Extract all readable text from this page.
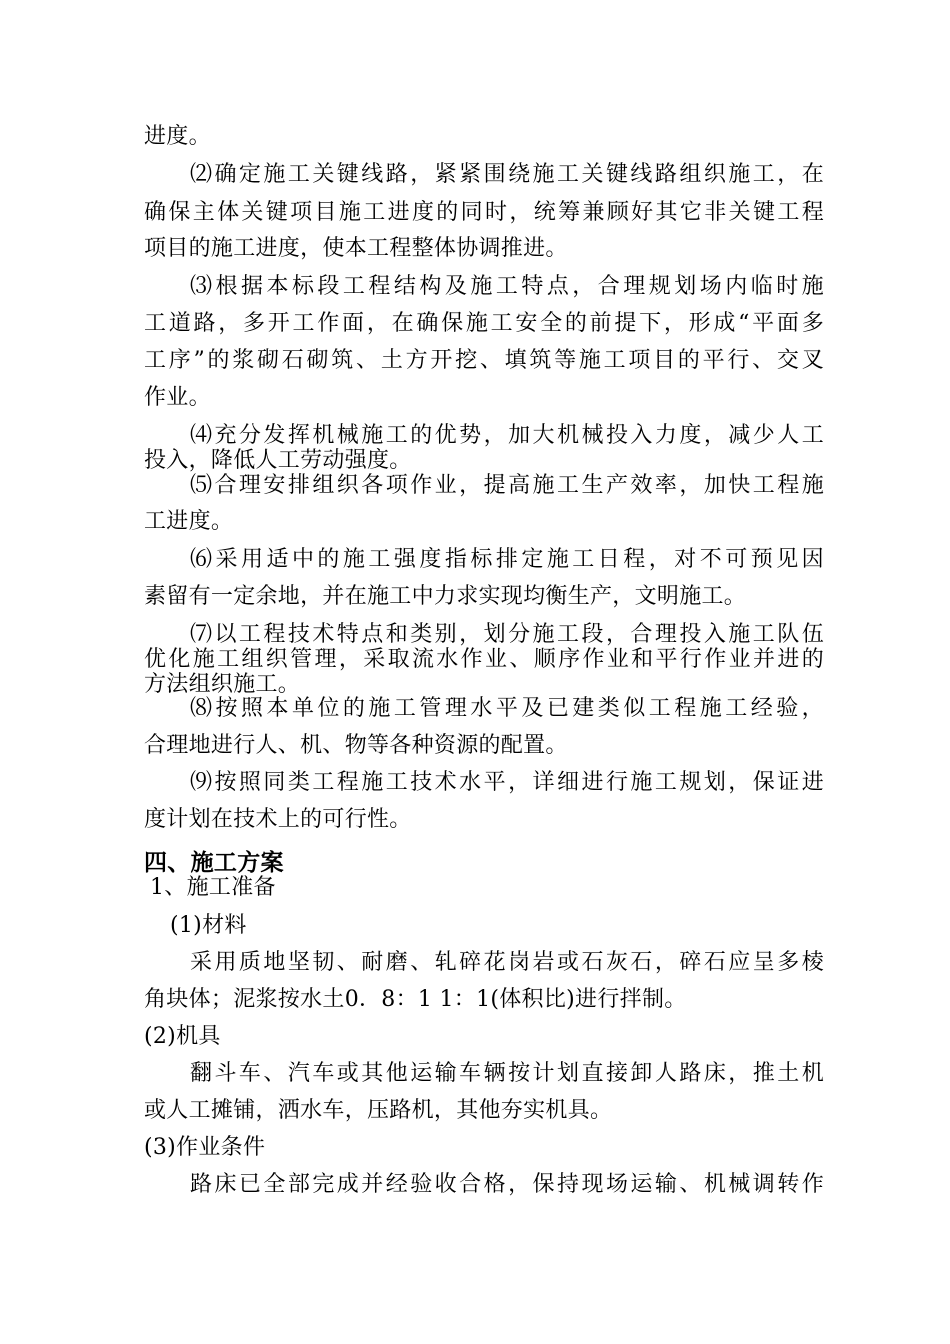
进度。
⑵确定施工关键线路，紧紧围绕施工关键线路组织施工，在
确保主体关键项目施工进度的同时，统筹兼顾好其它非关键工程
项目的施工进度，使本工程整体协调推进。
⑶根据本标段工程结构及施工特点，合理规划场内临时施
工道路，多开工作面，在确保施工安全的前提下，形成“平面多
工序”的浆砌石砌筑、土方开挖、填筑等施工项目的平行、交叉
作业。
⑷充分发挥机械施工的优势，加大机械投入力度，减少人工
投入，降低人工劳动强度。
⑸合理安排组织各项作业，提高施工生产效率，加快工程施
工进度。
⑹采用适中的施工强度指标排定施工日程，对不可预见因
素留有一定余地，并在施工中力求实现均衡生产，文明施工。
⑺以工程技术特点和类别，划分施工段，合理投入施工队伍
优化施工组织管理，采取流水作业、顺序作业和平行作业并进的
方法组织施工。
⑻按照本单位的施工管理水平及已建类似工程施工经验，
合理地进行人、机、物等各种资源的配置。
⑼按照同类工程施工技术水平，详细进行施工规划，保证进
度计划在技术上的可行性。
四、施工方案
1、施工准备
(1)材料
采用质地坚韧、耐磨、轧碎花岗岩或石灰石，碎石应呈多棱
角块体；泥浆按水土0．8：1 1：1(体积比)进行拌制。
(2)机具
翻斗车、汽车或其他运输车辆按计划直接卸人路床，推土机
或人工摊铺，洒水车，压路机，其他夯实机具。
(3)作业条件
路床已全部完成并经验收合格，保持现场运输、机械调转作
